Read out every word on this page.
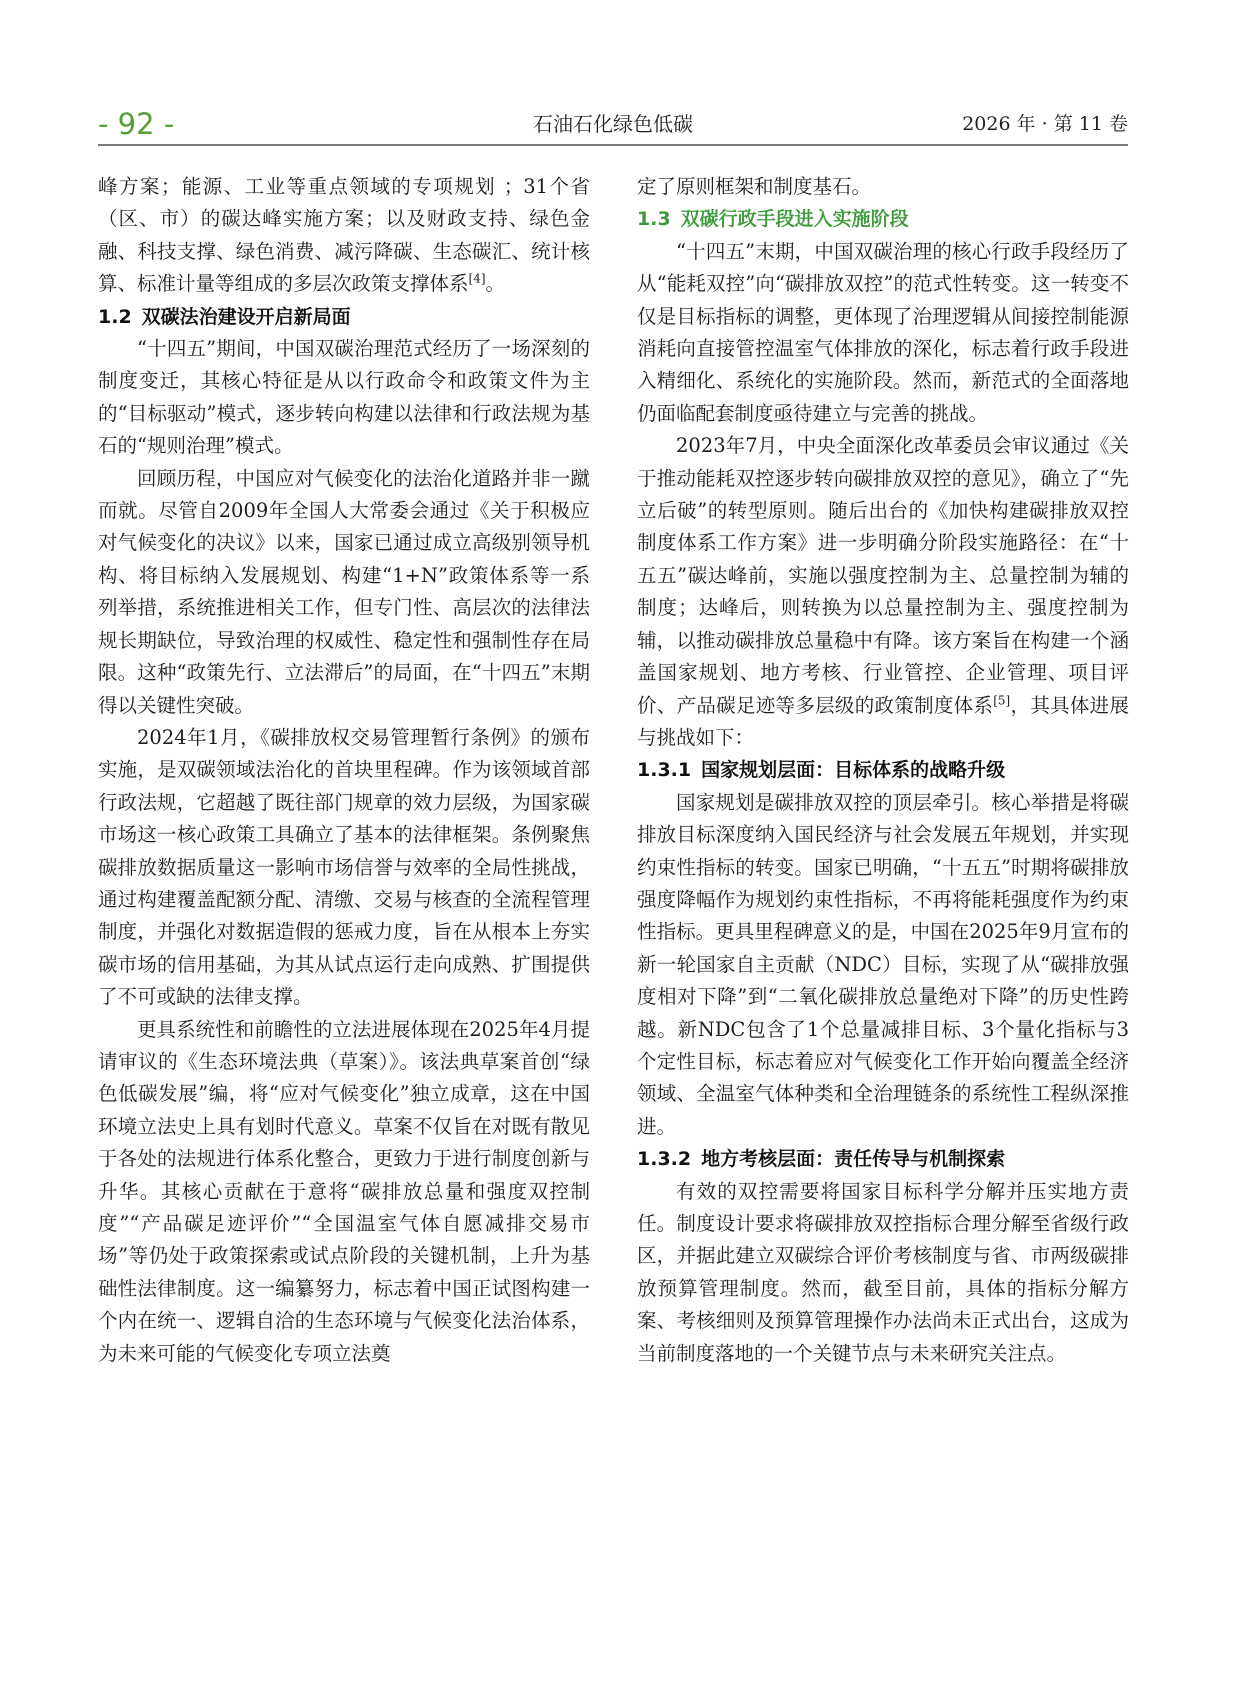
- 92 -	石油石化绿色低碳	2026 年 · 第 11 卷

峰方案；能源、工业等重点领域的专项规划 ；31个省 （区、市）的碳达峰实施方案；以及财政支持、绿色金融、科技支撑、绿色消费、减污降碳、生态碳汇、统计核算、标准计量等组成的多层次政策支撑体系[4]。

1.2 双碳法治建设开启新局面

“十四五”期间，中国双碳治理范式经历了一场深刻的制度变迁，其核心特征是从以行政命令和政策文件为主的“目标驱动”模式，逐步转向构建以法律和行政法规为基石的“规则治理”模式。

回顾历程，中国应对气候变化的法治化道路并非一蹴而就。尽管自2009年全国人大常委会通过《关于积极应对气候变化的决议》以来，国家已通过成立高级别领导机构、将目标纳入发展规划、构建“1+N”政策体系等一系列举措，系统推进相关工作，但专门性、高层次的法律法规长期缺位，导致治理的权威性、稳定性和强制性存在局限。这种“政策先行、立法滞后”的局面，在“十四五”末期得以关键性突破。

2024年1月，《碳排放权交易管理暂行条例》的颁布实施，是双碳领域法治化的首块里程碑。作为该领域首部行政法规，它超越了既往部门规章的效力层级，为国家碳市场这一核心政策工具确立了基本的法律框架。条例聚焦碳排放数据质量这一影响市场信誉与效率的全局性挑战，通过构建覆盖配额分配、清缴、交易与核查的全流程管理制度，并强化对数据造假的惩戒力度，旨在从根本上夯实碳市场的信用基础，为其从试点运行走向成熟、扩围提供了不可或缺的法律支撑。

更具系统性和前瞻性的立法进展体现在2025年4月提请审议的《生态环境法典（草案）》。该法典草案首创“绿色低碳发展”编，将“应对气候变化”独立成章，这在中国环境立法史上具有划时代意义。草案不仅旨在对既有散见于各处的法规进行体系化整合，更致力于进行制度创新与升华。其核心贡献在于意将“碳排放总量和强度双控制度”“产品碳足迹评价”“全国温室气体自愿减排交易市场”等仍处于政策探索或试点阶段的关键机制，上升为基础性法律制度。这一编纂努力，标志着中国正试图构建一个内在统一、逻辑自洽的生态环境与气候变化法治体系，为未来可能的气候变化专项立法奠

定了原则框架和制度基石。

1.3 双碳行政手段进入实施阶段

“十四五”末期，中国双碳治理的核心行政手段经历了从“能耗双控”向“碳排放双控”的范式性转变。这一转变不仅是目标指标的调整，更体现了治理逻辑从间接控制能源消耗向直接管控温室气体排放的深化，标志着行政手段进入精细化、系统化的实施阶段。然而，新范式的全面落地仍面临配套制度亟待建立与完善的挑战。

2023年7月，中央全面深化改革委员会审议通过《关于推动能耗双控逐步转向碳排放双控的意见》，确立了“先立后破”的转型原则。随后出台的《加快构建碳排放双控制度体系工作方案》进一步明确分阶段实施路径：在“十五五”碳达峰前，实施以强度控制为主、总量控制为辅的制度；达峰后，则转换为以总量控制为主、强度控制为辅，以推动碳排放总量稳中有降。该方案旨在构建一个涵盖国家规划、地方考核、行业管控、企业管理、项目评价、产品碳足迹等多层级的政策制度体系[5]，其具体进展与挑战如下：

1.3.1 国家规划层面：目标体系的战略升级

国家规划是碳排放双控的顶层牵引。核心举措是将碳排放目标深度纳入国民经济与社会发展五年规划，并实现约束性指标的转变。国家已明确，“十五五”时期将碳排放强度降幅作为规划约束性指标，不再将能耗强度作为约束性指标。更具里程碑意义的是，中国在2025年9月宣布的新一轮国家自主贡献（NDC）目标，实现了从“碳排放强度相对下降”到“二氧化碳排放总量绝对下降”的历史性跨越。新NDC包含了1个总量减排目标、3个量化指标与3个定性目标，标志着应对气候变化工作开始向覆盖全经济领域、全温室气体种类和全治理链条的系统性工程纵深推进。

1.3.2 地方考核层面：责任传导与机制探索

有效的双控需要将国家目标科学分解并压实地方责任。制度设计要求将碳排放双控指标合理分解至省级行政区，并据此建立双碳综合评价考核制度与省、市两级碳排放预算管理制度。然而，截至目前，具体的指标分解方案、考核细则及预算管理操作办法尚未正式出台，这成为当前制度落地的一个关键节点与未来研究关注点。
